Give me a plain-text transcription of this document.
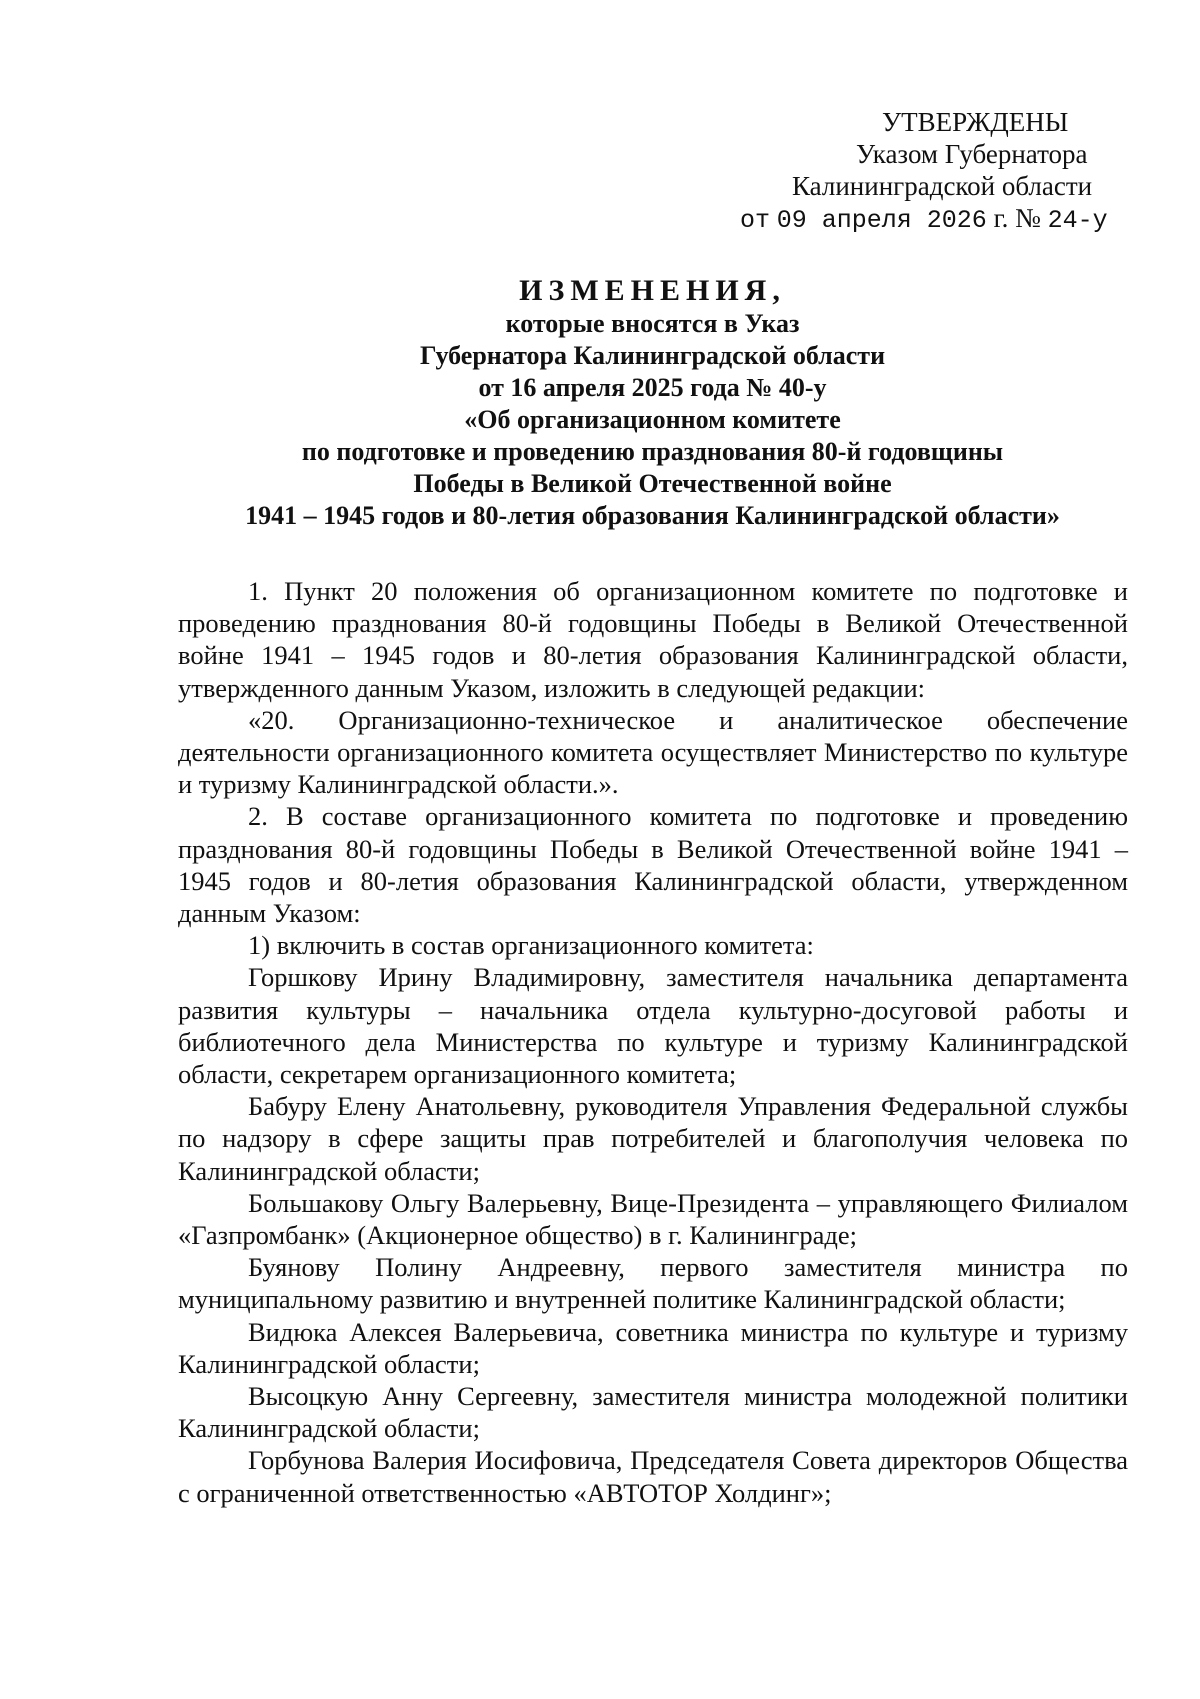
УТВЕРЖДЕНЫ
Указом Губернатора
Калининградской области
от 09 апреля 2026 г. № 24-у
ИЗМЕНЕНИЯ,
которые вносятся в Указ
Губернатора Калининградской области
от 16 апреля 2025 года № 40-у
«Об организационном комитете
по подготовке и проведению празднования 80-й годовщины
Победы в Великой Отечественной войне
1941 – 1945 годов и 80-летия образования Калининградской области»

1. Пункт 20 положения об организационном комитете по подготовке и проведению празднования 80-й годовщины Победы в Великой Отечественной войне 1941 – 1945 годов и 80-летия образования Калининградской области, утвержденного данным Указом, изложить в следующей редакции:

«20. Организационно-техническое и аналитическое обеспечение деятельности организационного комитета осуществляет Министерство по культуре и туризму Калининградской области.».

2. В составе организационного комитета по подготовке и проведению празднования 80-й годовщины Победы в Великой Отечественной войне 1941 – 1945 годов и 80-летия образования Калининградской области, утвержденном данным Указом:

1) включить в состав организационного комитета:

Горшкову Ирину Владимировну, заместителя начальника департамента развития культуры – начальника отдела культурно-досуговой работы и библиотечного дела Министерства по культуре и туризму Калининградской области, секретарем организационного комитета;

Бабуру Елену Анатольевну, руководителя Управления Федеральной службы по надзору в сфере защиты прав потребителей и благополучия человека по Калининградской области;

Большакову Ольгу Валерьевну, Вице-Президента – управляющего Филиалом «Газпромбанк» (Акционерное общество) в г. Калининграде;

Буянову Полину Андреевну, первого заместителя министра по муниципальному развитию и внутренней политике Калининградской области;

Видюка Алексея Валерьевича, советника министра по культуре и туризму Калининградской области;

Высоцкую Анну Сергеевну, заместителя министра молодежной политики Калининградской области;

Горбунова Валерия Иосифовича, Председателя Совета директоров Общества с ограниченной ответственностью «АВТОТОР Холдинг»;
